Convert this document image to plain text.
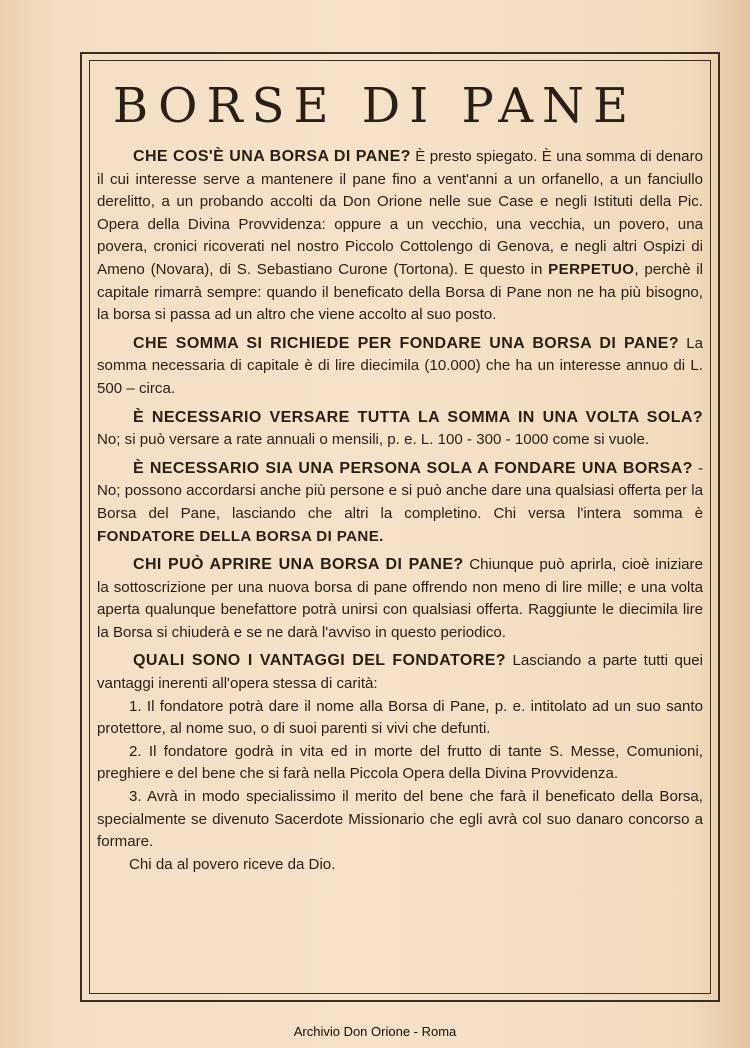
BORSE DI PANE

CHE COS'È UNA BORSA DI PANE? È presto spiegato. È una somma di denaro il cui interesse serve a mantenere il pane fino a vent'anni a un orfanello, a un fanciullo derelitto, a un probando accolti da Don Orione nelle sue Case e negli Istituti della Pic. Opera della Divina Provvidenza: oppure a un vecchio, una vecchia, un povero, una povera, cronici ricoverati nel nostro Piccolo Cottolengo di Genova, e negli altri Ospizi di Ameno (Novara), di S. Sebastiano Curone (Tortona). E questo in PERPETUO, perchè il capitale rimarrà sempre: quando il beneficato della Borsa di Pane non ne ha più bisogno, la borsa si passa ad un altro che viene accolto al suo posto.

CHE SOMMA SI RICHIEDE PER FONDARE UNA BORSA DI PANE? La somma necessaria di capitale è di lire diecimila (10.000) che ha un interesse annuo di L. 500 – circa.

È NECESSARIO VERSARE TUTTA LA SOMMA IN UNA VOLTA SOLA? No; si può versare a rate annuali o mensili, p. e. L. 100 - 300 - 1000 come si vuole.

È NECESSARIO SIA UNA PERSONA SOLA A FONDARE UNA BORSA? - No; possono accordarsi anche più persone e si può anche dare una qualsiasi offerta per la Borsa del Pane, lasciando che altri la completino. Chi versa l'intera somma è FONDATORE DELLA BORSA DI PANE.

CHI PUÒ APRIRE UNA BORSA DI PANE? Chiunque può aprirla, cioè iniziare la sottoscrizione per una nuova borsa di pane offrendo non meno di lire mille; e una volta aperta qualunque benefattore potrà unirsi con qualsiasi offerta. Raggiunte le diecimila lire la Borsa si chiuderà e se ne darà l'avviso in questo periodico.

QUALI SONO I VANTAGGI DEL FONDATORE? Lasciando a parte tutti quei vantaggi inerenti all'opera stessa di carità:

1. Il fondatore potrà dare il nome alla Borsa di Pane, p. e. intitolato ad un suo santo protettore, al nome suo, o di suoi parenti si vivi che defunti.

2. Il fondatore godrà in vita ed in morte del frutto di tante S. Messe, Comunioni, preghiere e del bene che si farà nella Piccola Opera della Divina Provvidenza.

3. Avrà in modo specialissimo il merito del bene che farà il beneficato della Borsa, specialmente se divenuto Sacerdote Missionario che egli avrà col suo danaro concorso a formare.

Chi da al povero riceve da Dio.

Archivio Don Orione - Roma
